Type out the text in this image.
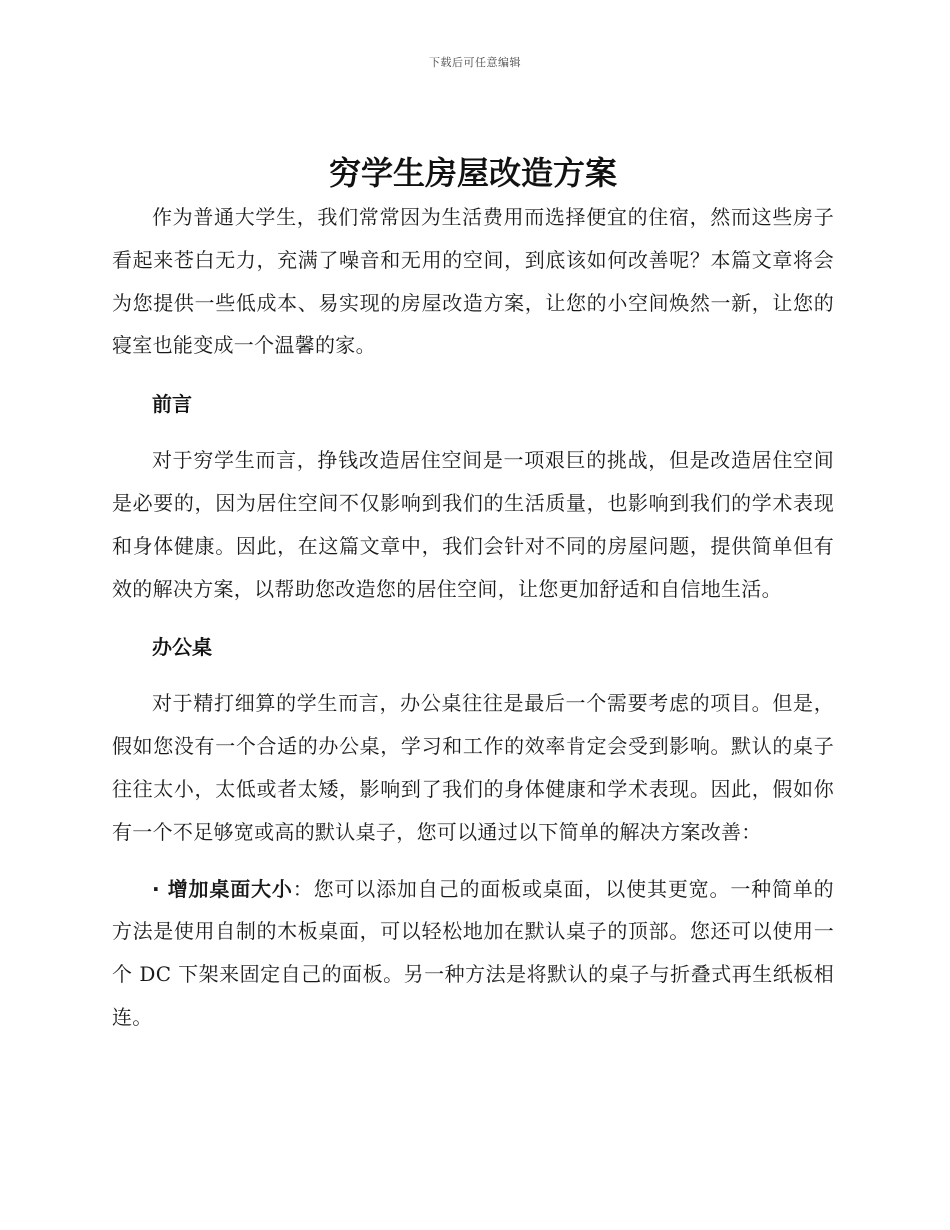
下载后可任意编辑
穷学生房屋改造方案

作为普通大学生，我们常常因为生活费用而选择便宜的住宿，然而这些房子看起来苍白无力，充满了噪音和无用的空间，到底该如何改善呢？本篇文章将会为您提供一些低成本、易实现的房屋改造方案，让您的小空间焕然一新，让您的寝室也能变成一个温馨的家。

前言

对于穷学生而言，挣钱改造居住空间是一项艰巨的挑战，但是改造居住空间是必要的，因为居住空间不仅影响到我们的生活质量，也影响到我们的学术表现和身体健康。因此，在这篇文章中，我们会针对不同的房屋问题，提供简单但有效的解决方案，以帮助您改造您的居住空间，让您更加舒适和自信地生活。

办公桌

对于精打细算的学生而言，办公桌往往是最后一个需要考虑的项目。但是，假如您没有一个合适的办公桌，学习和工作的效率肯定会受到影响。默认的桌子往往太小，太低或者太矮，影响到了我们的身体健康和学术表现。因此，假如你有一个不足够宽或高的默认桌子，您可以通过以下简单的解决方案改善：

· 增加桌面大小：您可以添加自己的面板或桌面，以使其更宽。一种简单的方法是使用自制的木板桌面，可以轻松地加在默认桌子的顶部。您还可以使用一个 DC 下架来固定自己的面板。另一种方法是将默认的桌子与折叠式再生纸板相连。
